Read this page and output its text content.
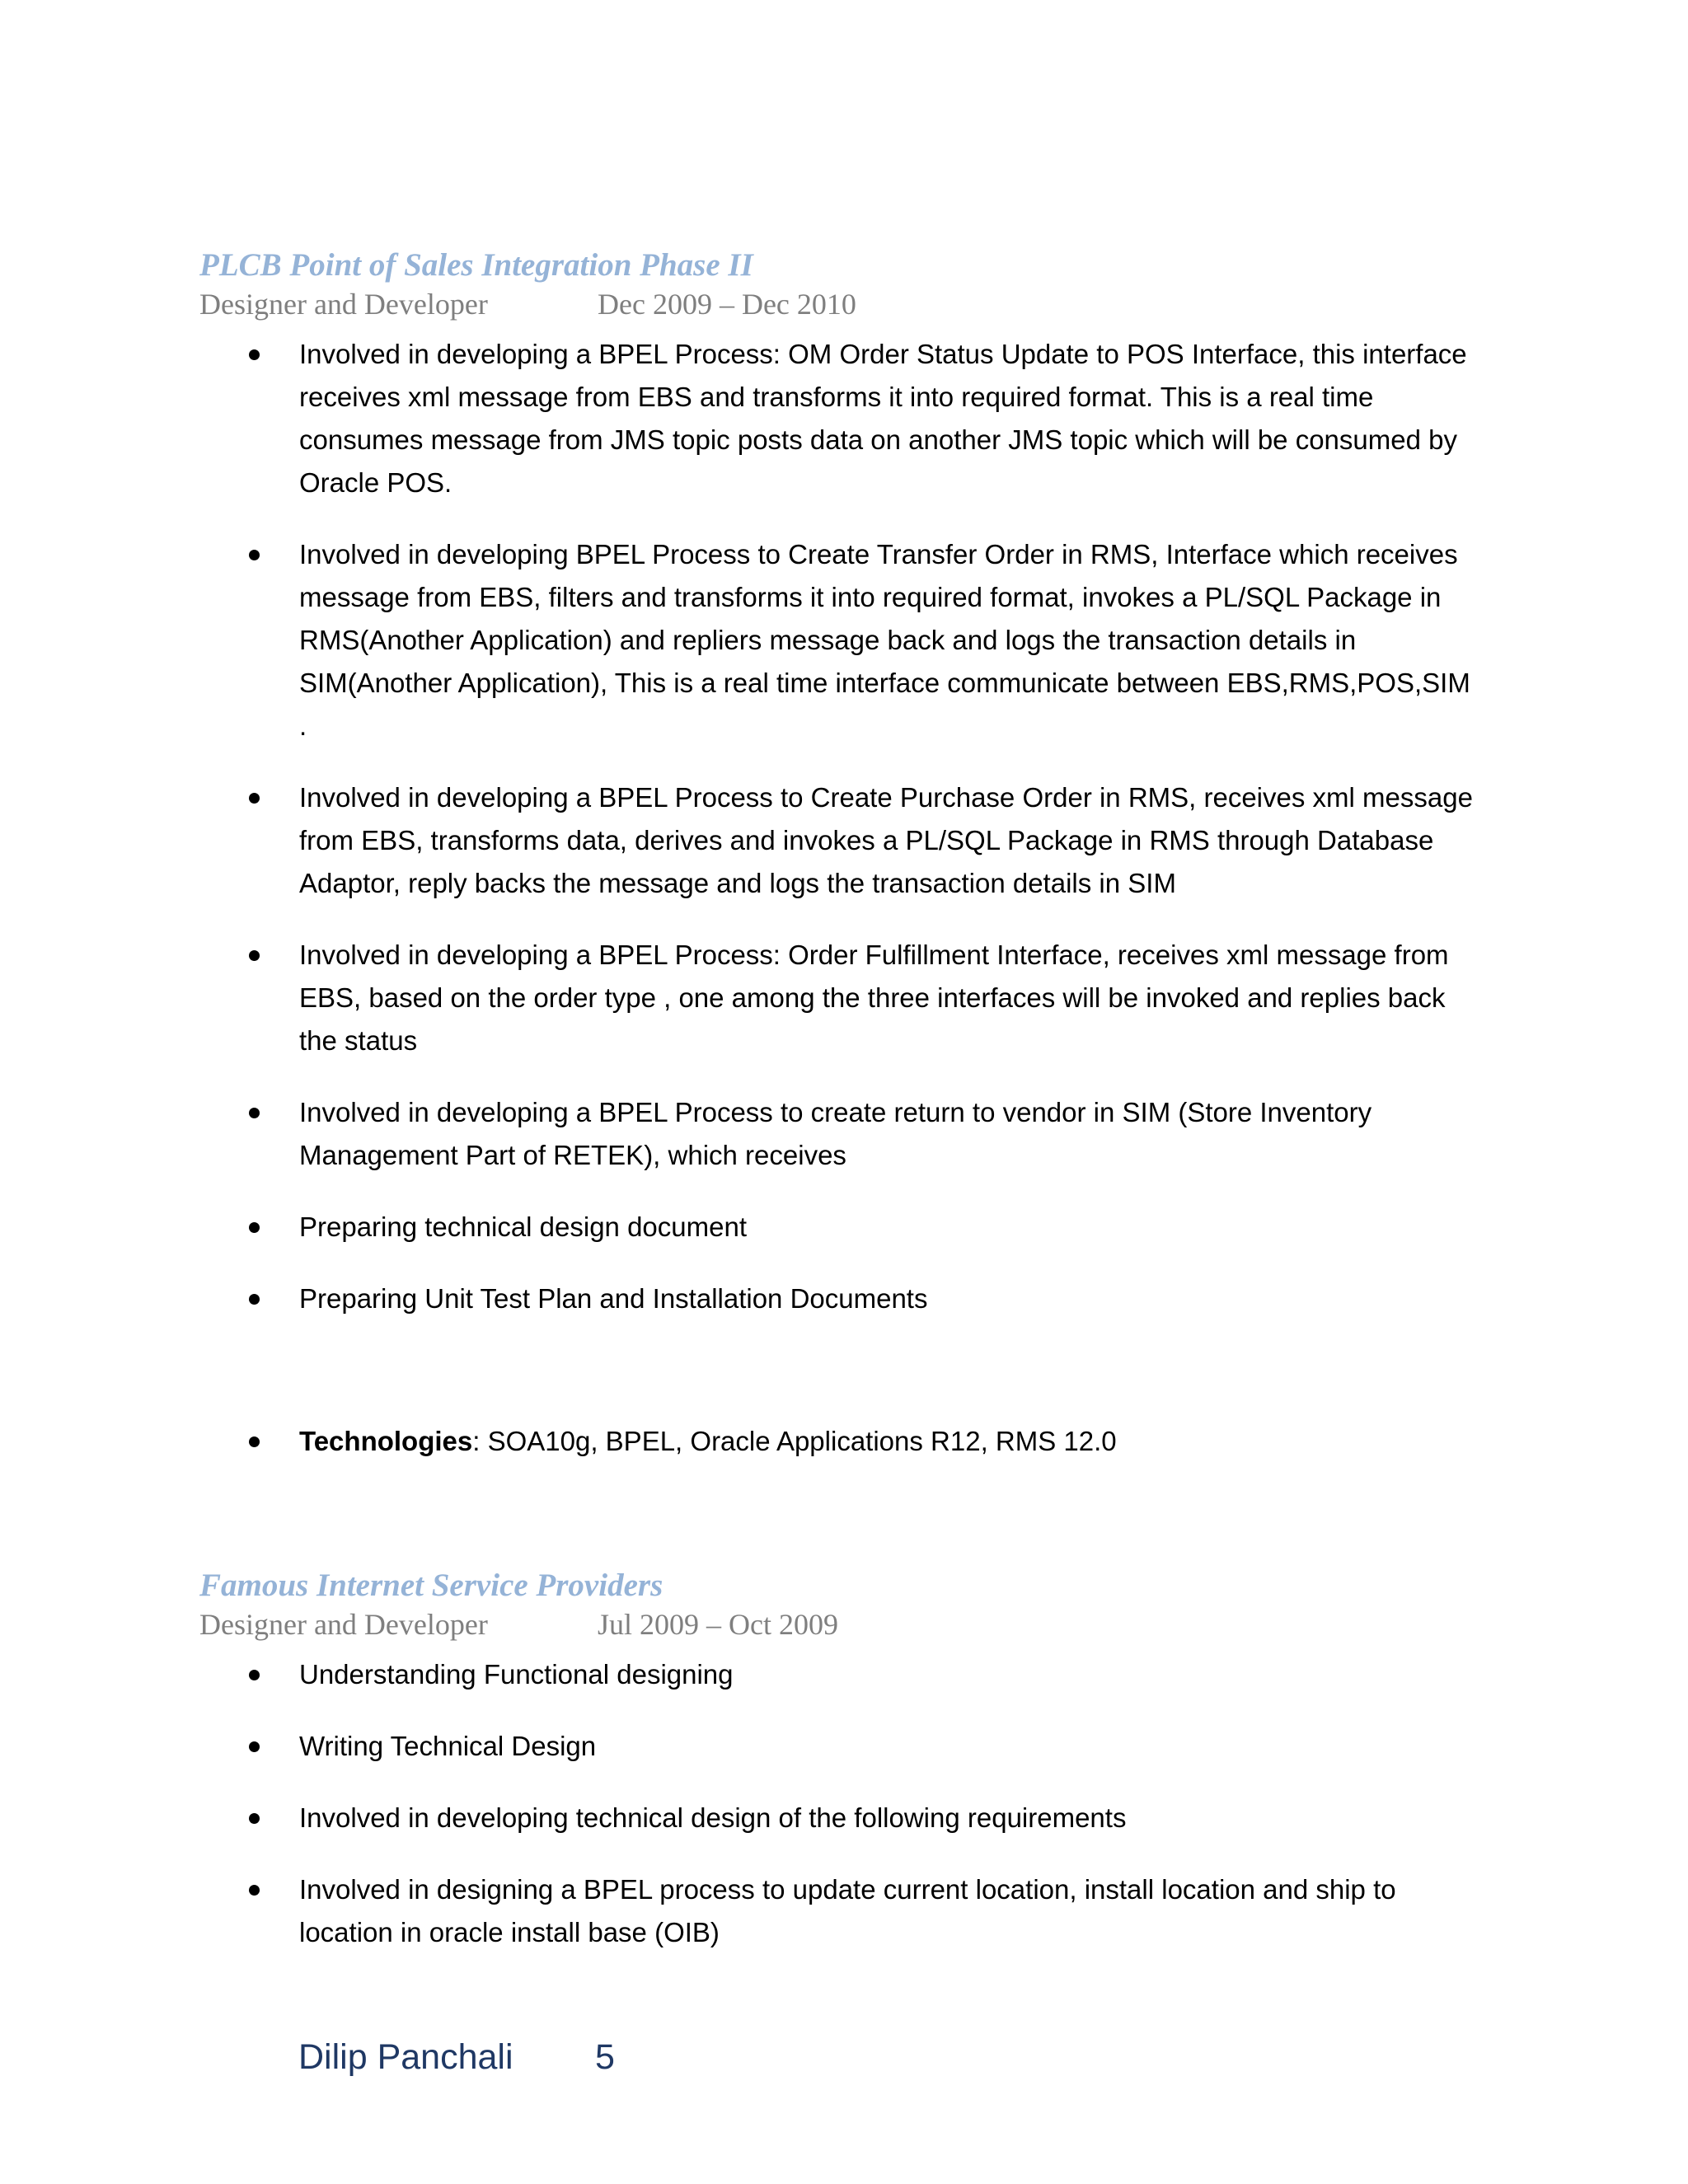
PLCB Point of Sales Integration Phase II
Designer and Developer	Dec 2009 – Dec 2010
Involved in developing a BPEL Process: OM Order Status Update to POS Interface, this interface receives xml message from EBS and transforms it into required format. This is a real time consumes message from JMS topic posts data on another JMS topic which will be consumed by Oracle POS.
Involved in developing BPEL Process to Create Transfer Order in RMS, Interface which receives message from EBS, filters and transforms it into required format, invokes a PL/SQL Package in RMS(Another Application) and repliers message back and logs the transaction details in SIM(Another Application), This is a real time interface communicate between EBS,RMS,POS,SIM .
Involved in developing a BPEL Process to Create Purchase Order in RMS, receives xml message from EBS, transforms data, derives and invokes a PL/SQL Package in RMS through Database Adaptor, reply backs the message and logs the transaction details in SIM
Involved in developing a BPEL Process: Order Fulfillment Interface, receives xml message from EBS, based on the order type , one among the three interfaces will be invoked and replies back the status
Involved in developing a BPEL Process to create return to vendor in SIM (Store Inventory Management Part of RETEK), which receives
Preparing technical design document
Preparing Unit Test Plan and Installation Documents
Technologies: SOA10g, BPEL, Oracle Applications R12, RMS 12.0
Famous Internet Service Providers
Designer and Developer	Jul 2009 – Oct 2009
Understanding Functional designing
Writing Technical Design
Involved in developing technical design of the following requirements
Involved in designing a BPEL process to update current location, install location and ship to location in oracle install base (OIB)
Dilip Panchali 5
